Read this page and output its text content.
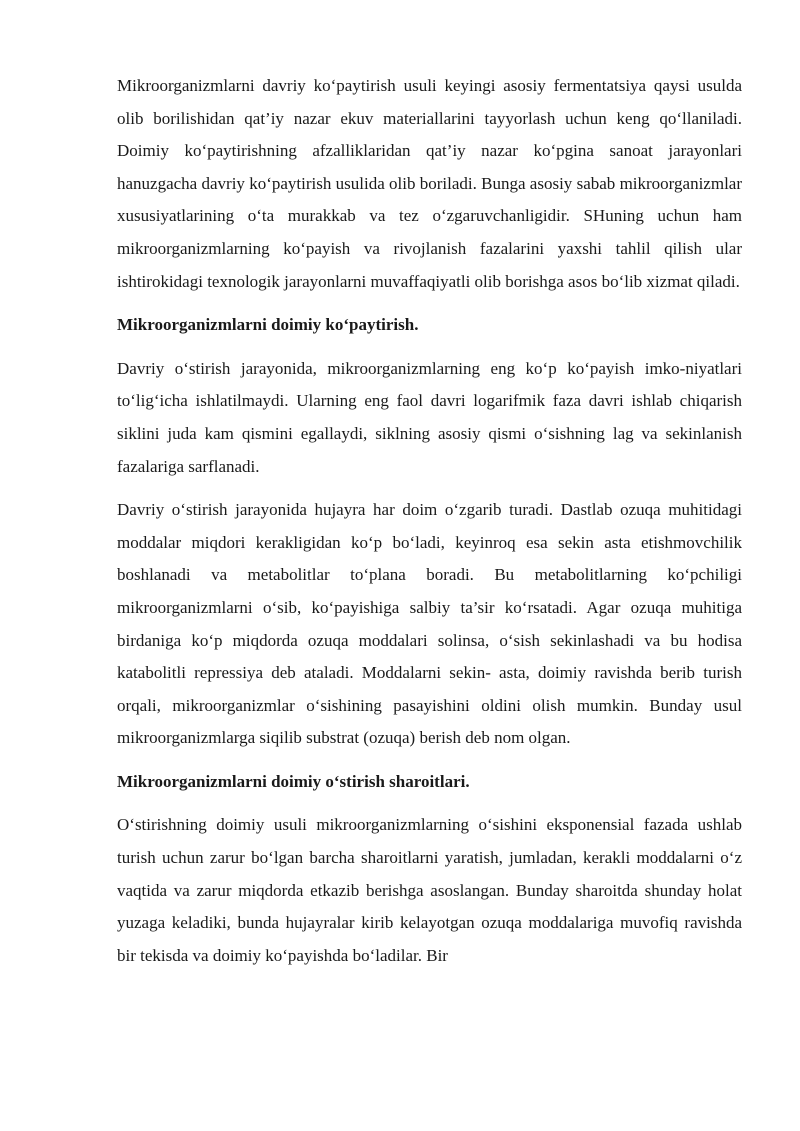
Mikroorganizmlarni davriy ko‘paytirish usuli keyingi asosiy fermentatsiya qaysi usulda olib borilishidan qat’iy nazar ekuv materiallarini tayyorlash uchun keng qo‘llaniladi. Doimiy ko‘paytirishning afzalliklaridan qat’iy nazar ko‘pgina sanoat jarayonlari hanuzgacha davriy ko‘paytirish usulida olib boriladi. Bunga asosiy sabab mikroorganizmlar xususiyatlarining o‘ta murakkab va tez o‘zgaruvchanligidir. SHuning uchun ham mikroorganizmlarning ko‘payish va rivojlanish fazalarini yaxshi tahlil qilish ular ishtirokidagi texnologik jarayonlarni muvaffaqiyatli olib borishga asos bo‘lib xizmat qiladi.

Mikroorganizmlarni doimiy ko‘paytirish.

Davriy o‘stirish jarayonida, mikroorganizmlarning eng ko‘p ko‘payish imko-niyatlari to‘lig‘icha ishlatilmaydi. Ularning eng faol davri logarifmik faza davri ishlab chiqarish siklini juda kam qismini egallaydi, siklning asosiy qismi o‘sishning lag va sekinlanish fazalariga sarflanadi.

Davriy o‘stirish jarayonida hujayra har doim o‘zgarib turadi. Dastlab ozuqa muhitidagi moddalar miqdori kerakligidan ko‘p bo‘ladi, keyinroq esa sekin asta etishmovchilik boshlanadi va metabolitlar to‘plana boradi. Bu metabolitlarning ko‘pchiligi mikroorganizmlarni o‘sib, ko‘payishiga salbiy ta’sir ko‘rsatadi. Agar ozuqa muhitiga birdaniga ko‘p miqdorda ozuqa moddalari solinsa, o‘sish sekinlashadi va bu hodisa katabolitli repressiya deb ataladi. Moddalarni sekin- asta, doimiy ravishda berib turish orqali, mikroorganizmlar o‘sishining pasayishini oldini olish mumkin. Bunday usul mikroorganizmlarga siqilib substrat (ozuqa) berish deb nom olgan.

Mikroorganizmlarni doimiy o‘stirish sharoitlari.

O‘stirishning doimiy usuli mikroorganizmlarning o‘sishini eksponensial fazada ushlab turish uchun zarur bo‘lgan barcha sharoitlarni yaratish, jumladan, kerakli moddalarni o‘z vaqtida va zarur miqdorda etkazib berishga asoslangan. Bunday sharoitda shunday holat yuzaga keladiki, bunda hujayralar kirib kelayotgan ozuqa moddalariga muvofiq ravishda bir tekisda va doimiy ko‘payishda bo‘ladilar. Bir
